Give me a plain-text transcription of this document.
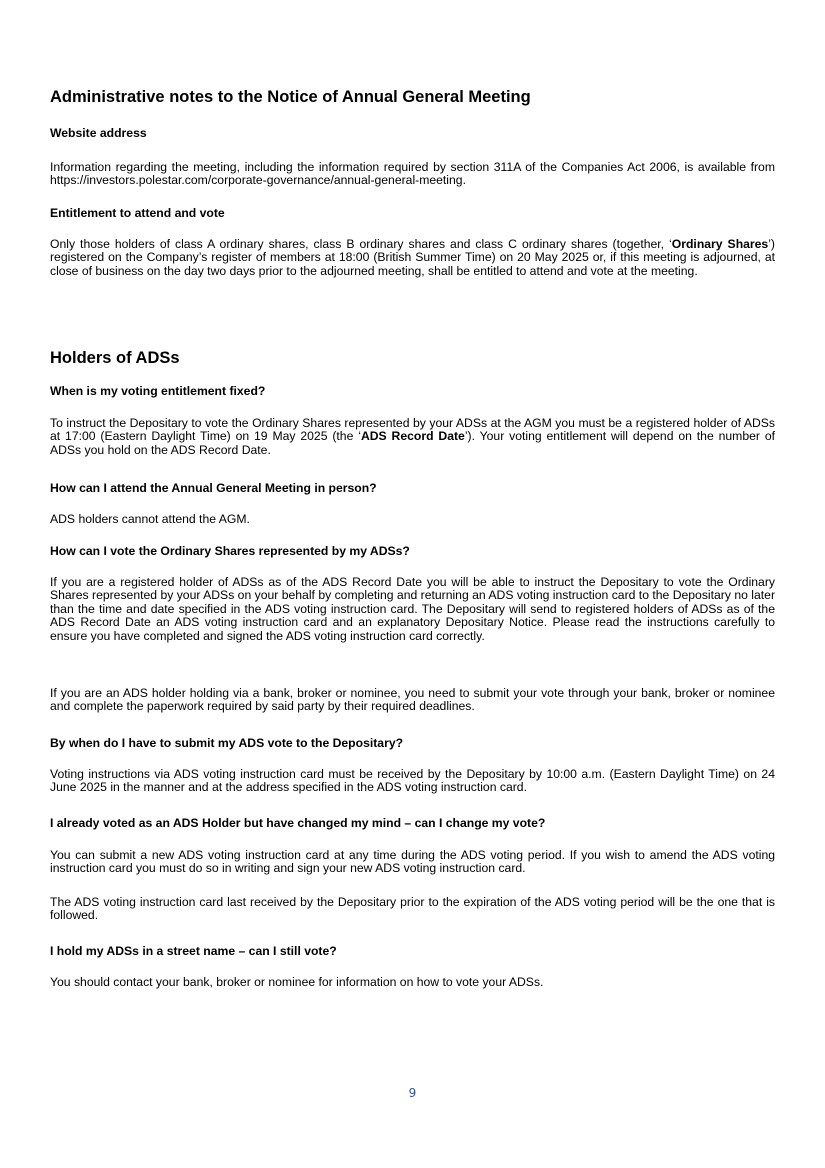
Administrative notes to the Notice of Annual General Meeting

Website address

Information regarding the meeting, including the information required by section 311A of the Companies Act 2006, is available from https://investors.polestar.com/corporate-governance/annual-general-meeting.

Entitlement to attend and vote

Only those holders of class A ordinary shares, class B ordinary shares and class C ordinary shares (together, ‘Ordinary Shares’) registered on the Company’s register of members at 18:00 (British Summer Time) on 20 May 2025 or, if this meeting is adjourned, at close of business on the day two days prior to the adjourned meeting, shall be entitled to attend and vote at the meeting.

Holders of ADSs

When is my voting entitlement fixed?

To instruct the Depositary to vote the Ordinary Shares represented by your ADSs at the AGM you must be a registered holder of ADSs at 17:00 (Eastern Daylight Time) on 19 May 2025 (the ‘ADS Record Date’). Your voting entitlement will depend on the number of ADSs you hold on the ADS Record Date.

How can I attend the Annual General Meeting in person?

ADS holders cannot attend the AGM.

How can I vote the Ordinary Shares represented by my ADSs?

If you are a registered holder of ADSs as of the ADS Record Date you will be able to instruct the Depositary to vote the Ordinary Shares represented by your ADSs on your behalf by completing and returning an ADS voting instruction card to the Depositary no later than the time and date specified in the ADS voting instruction card. The Depositary will send to registered holders of ADSs as of the ADS Record Date an ADS voting instruction card and an explanatory Depositary Notice. Please read the instructions carefully to ensure you have completed and signed the ADS voting instruction card correctly.

If you are an ADS holder holding via a bank, broker or nominee, you need to submit your vote through your bank, broker or nominee and complete the paperwork required by said party by their required deadlines.

By when do I have to submit my ADS vote to the Depositary?

Voting instructions via ADS voting instruction card must be received by the Depositary by 10:00 a.m. (Eastern Daylight Time) on 24 June 2025 in the manner and at the address specified in the ADS voting instruction card.

I already voted as an ADS Holder but have changed my mind – can I change my vote?

You can submit a new ADS voting instruction card at any time during the ADS voting period. If you wish to amend the ADS voting instruction card you must do so in writing and sign your new ADS voting instruction card.

The ADS voting instruction card last received by the Depositary prior to the expiration of the ADS voting period will be the one that is followed.

I hold my ADSs in a street name – can I still vote?

You should contact your bank, broker or nominee for information on how to vote your ADSs.

9
